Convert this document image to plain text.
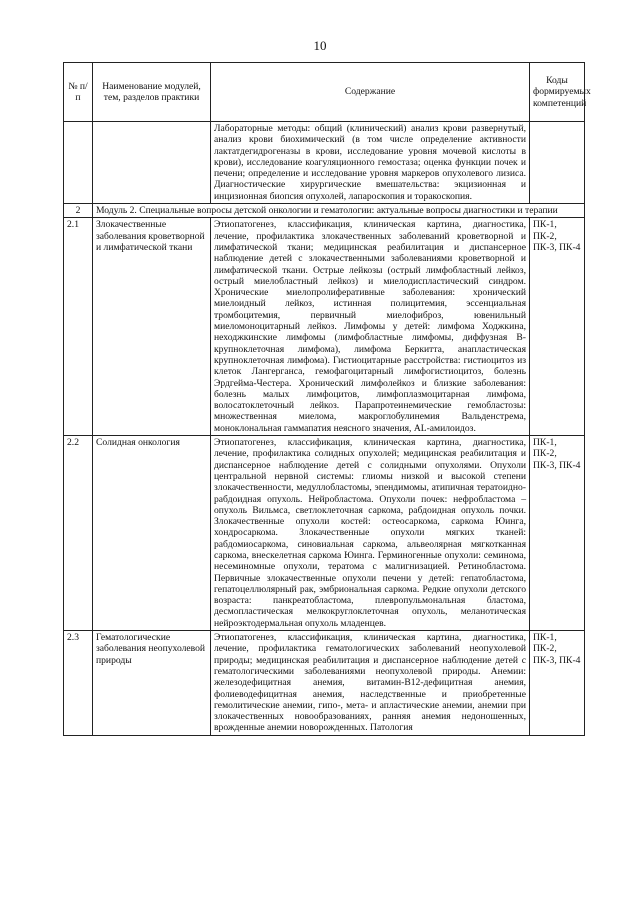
10
№ п/п	Наименование модулей, тем, разделов практики	Содержание	Коды формируемых компетенций
		Лабораторные методы: общий (клинический) анализ крови развернутый, анализ крови биохимический (в том числе определение активности лактатдегидрогеназы в крови, исследование уровня мочевой кислоты в крови), исследование коагуляционного гемостаза; оценка функции почек и печени; определение и исследование уровня маркеров опухолевого лизиса. Диагностические хирургические вмешательства: экцизионная и инцизионная биопсия опухолей, лапароскопия и торакоскопия.	
2	Модуль 2. Специальные вопросы детской онкологии и гематологии: актуальные вопросы диагностики и терапии		
2.1	Злокачественные заболевания кроветворной и лимфатической ткани	Этиопатогенез, классификация, клиническая картина, диагностика, лечение, профилактика злокачественных заболеваний кроветворной и лимфатической ткани; медицинская реабилитация и диспансерное наблюдение детей с злокачественными заболеваниями кроветворной и лимфатической ткани. Острые лейкозы (острый лимфобластный лейкоз, острый миелобластный лейкоз) и миелодиспластический синдром. Хронические миелопролиферативные заболевания: хронический миелоидный лейкоз, истинная полицитемия, эссенциальная тромбоцитемия, первичный миелофиброз, ювенильный миеломоноцитарный лейкоз. Лимфомы у детей: лимфома Ходжкина, неходжкинские лимфомы (лимфобластные лимфомы, диффузная B-крупноклеточная лимфома), лимфома Беркитта, анапластическая крупноклеточная лимфома). Гистиоцитарные расстройства: гистиоцитоз из клеток Лангерганса, гемофагоцитарный лимфогистиоцитоз, болезнь Эрдгейма-Честера. Хронический лимфолейкоз и близкие заболевания: болезнь малых лимфоцитов, лимфоплазмоцитарная лимфома, волосатоклеточный лейкоз. Парапротеинемические гемобластозы: множественная миелома, макроглобулинемия Вальденстрема, моноклональная гаммапатия неясного значения, AL-амилоидоз.	ПК-1, ПК-2, ПК-3, ПК-4
2.2	Солидная онкология	Этиопатогенез, классификация, клиническая картина, диагностика, лечение, профилактика солидных опухолей; медицинская реабилитация и диспансерное наблюдение детей с солидными опухолями. Опухоли центральной нервной системы: глиомы низкой и высокой степени злокачественности, медуллобластомы, эпендимомы, атипичная тератоидно-рабдоидная опухоль. Нейробластома. Опухоли почек: нефробластома – опухоль Вильмса, светлоклеточная саркома, рабдоидная опухоль почки. Злокачественные опухоли костей: остеосаркома, саркома Юинга, хондросаркома. Злокачественные опухоли мягких тканей: рабдомиосаркома, синовиальная саркома, альвеолярная мягкотканная саркома, внескелетная саркома Юинга. Герминогенные опухоли: семинома, несеминомные опухоли, тератома с малигнизацией. Ретинобластома. Первичные злокачественные опухоли печени у детей: гепатобластома, гепатоцеллюлярный рак, эмбриональная саркома. Редкие опухоли детского возраста: панкреатобластома, плевропульмональная бластома, десмопластическая мелкокруглоклеточная опухоль, меланотическая нейроэктодермальная опухоль младенцев.	ПК-1, ПК-2, ПК-3, ПК-4
2.3	Гематологические заболевания неопухолевой природы	Этиопатогенез, классификация, клиническая картина, диагностика, лечение, профилактика гематологических заболеваний неопухолевой природы; медицинская реабилитация и диспансерное наблюдение детей с гематологическими заболеваниями неопухолевой природы. Анемии: железодефицитная анемия, витамин-B12-дефицитная анемия, фолиеводефицитная анемия, наследственные и приобретенные гемолитические анемии, гипо-, мета- и апластические анемии, анемии при злокачественных новообразованиях, ранняя анемия недоношенных, врожденные анемии новорожденных. Патология	ПК-1, ПК-2, ПК-3, ПК-4
